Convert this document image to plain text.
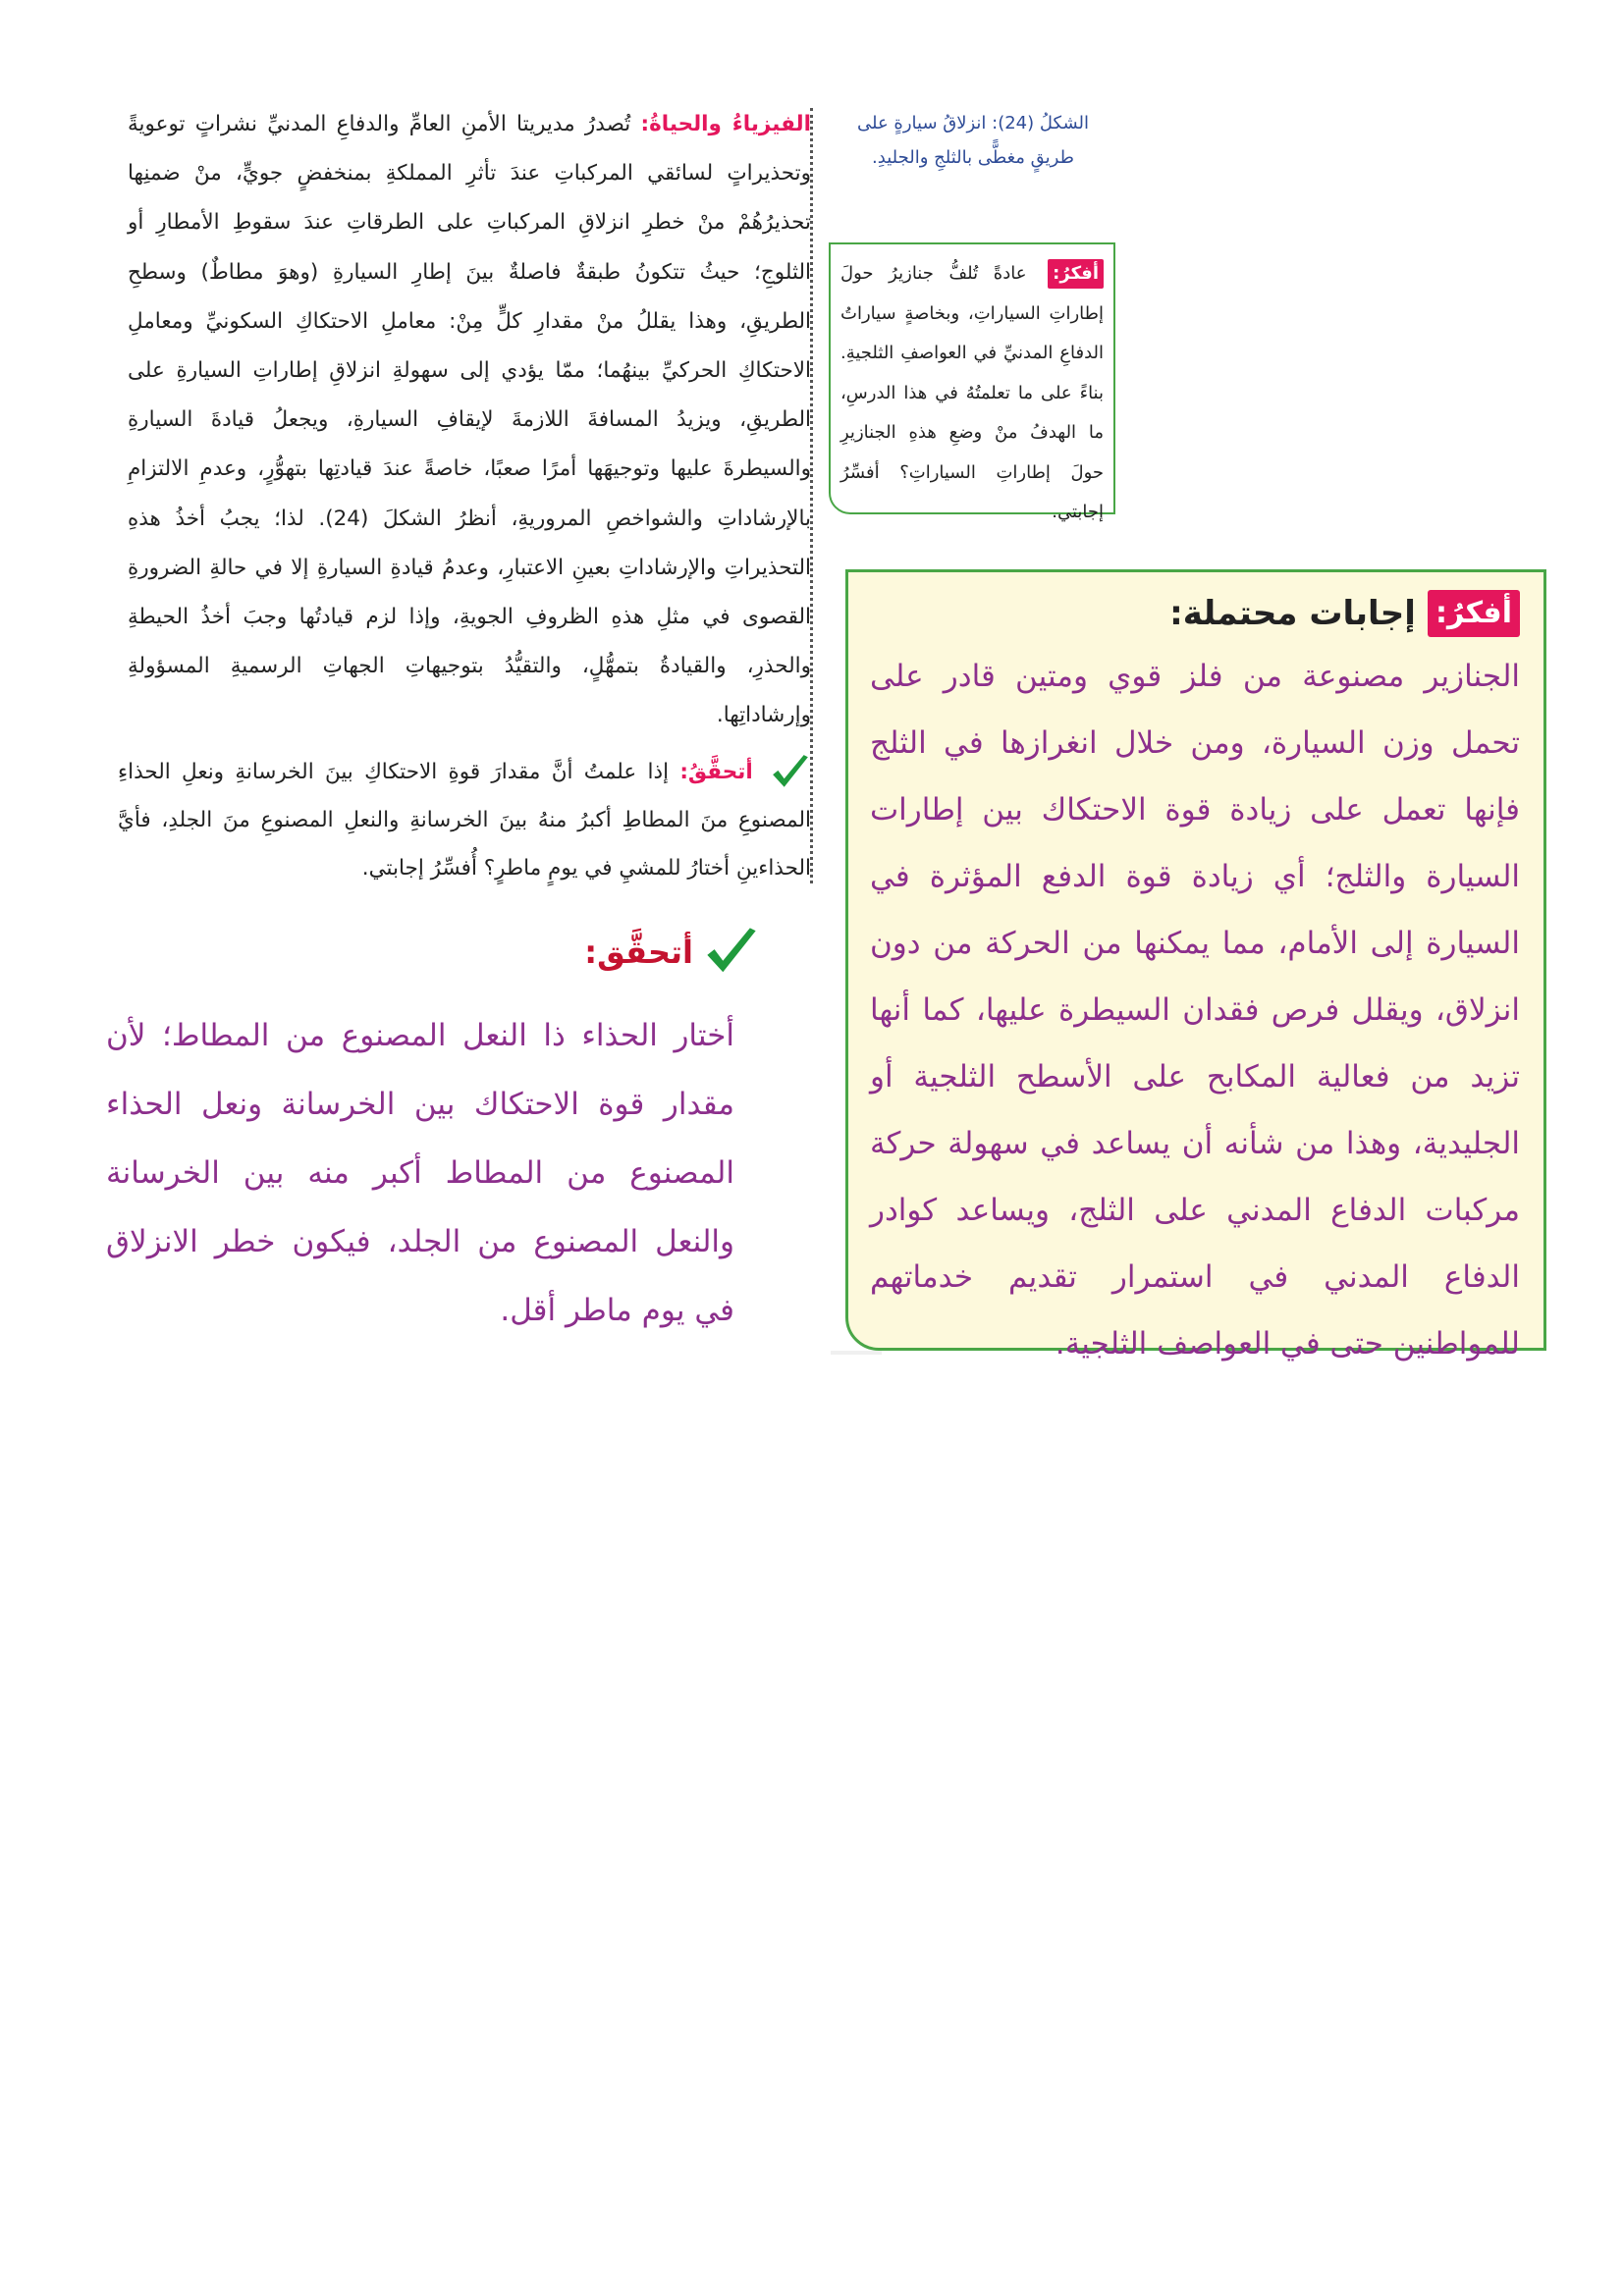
الفيزياءُ والحياةُ: تُصدرُ مديريتا الأمنِ العامِّ والدفاعِ المدنيِّ نشراتٍ توعويةً وتحذيراتٍ لسائقي المركباتِ عندَ تأثرِ المملكةِ بمنخفضٍ جويٍّ، منْ ضمنِها تحذيرُهُمْ منْ خطرِ انزلاقِ المركباتِ على الطرقاتِ عندَ سقوطِ الأمطارِ أو الثلوجِ؛ حيثُ تتكونُ طبقةٌ فاصلةٌ بينَ إطارِ السيارةِ (وهوَ مطاطٌ) وسطحِ الطريقِ، وهذا يقللُ منْ مقدارِ كلٍّ مِنْ: معاملِ الاحتكاكِ السكونيِّ ومعاملِ الاحتكاكِ الحركيِّ بينهُما؛ ممّا يؤدي إلى سهولةِ انزلاقِ إطاراتِ السيارةِ على الطريقِ، ويزيدُ المسافةَ اللازمةَ لإيقافِ السيارةِ، ويجعلُ قيادةَ السيارةِ والسيطرةَ عليها وتوجيهَها أمرًا صعبًا، خاصةً عندَ قيادتِها بتهوُّرٍ، وعدمِ الالتزامِ بالإرشاداتِ والشواخصِ المروريةِ، أنظرُ الشكلَ (24). لذا؛ يجبُ أخذُ هذهِ التحذيراتِ والإرشاداتِ بعينِ الاعتبارِ، وعدمُ قيادةِ السيارةِ إلا في حالةِ الضرورةِ القصوى في مثلِ هذهِ الظروفِ الجويةِ، وإذا لزم قيادتُها وجبَ أخذُ الحيطةِ والحذرِ، والقيادةُ بتمهُّلٍ، والتقيُّدُ بتوجيهاتِ الجهاتِ الرسميةِ المسؤولةِ وإرشاداتِها.
أتحقَّقُ: إذا علمتُ أنَّ مقدارَ قوةِ الاحتكاكِ بينَ الخرسانةِ ونعلِ الحذاءِ المصنوعِ منَ المطاطِ أكبرُ منهُ بينَ الخرسانةِ والنعلِ المصنوعِ منَ الجلدِ، فأيَّ الحذاءينِ أختارُ للمشيِ في يومٍ ماطرٍ؟ أُفسِّرُ إجابتي.
أتحقَّق:
أختار الحذاء ذا النعل المصنوع من المطاط؛ لأن مقدار قوة الاحتكاك بين الخرسانة ونعل الحذاء المصنوع من المطاط أكبر منه بين الخرسانة والنعل المصنوع من الجلد، فيكون خطر الانزلاق في يوم ماطر أقل.
الشكلُ (24): انزلاقُ سيارةٍ على طريقٍ مغطًّى بالثلجِ والجليدِ.
أفكرُ: عادةً تُلفُّ جنازيرُ حولَ إطاراتِ السياراتِ، وبخاصةٍ سياراتُ الدفاعِ المدنيِّ في العواصفِ الثلجيةِ. بناءً على ما تعلمتُهُ في هذا الدرسِ، ما الهدفُ منْ وضعِ هذهِ الجنازيرِ حولَ إطاراتِ السياراتِ؟ أفسِّرُ إجابتي.
أفكرُ:
إجابات محتملة:
الجنازير مصنوعة من فلز قوي ومتين قادر على تحمل وزن السيارة، ومن خلال انغرازها في الثلج فإنها تعمل على زيادة قوة الاحتكاك بين إطارات السيارة والثلج؛ أي زيادة قوة الدفع المؤثرة في السيارة إلى الأمام، مما يمكنها من الحركة من دون انزلاق، ويقلل فرص فقدان السيطرة عليها، كما أنها تزيد من فعالية المكابح على الأسطح الثلجية أو الجليدية، وهذا من شأنه أن يساعد في سهولة حركة مركبات الدفاع المدني على الثلج، ويساعد كوادر الدفاع المدني في استمرار تقديم خدماتهم للمواطنين حتى في العواصف الثلجية.
